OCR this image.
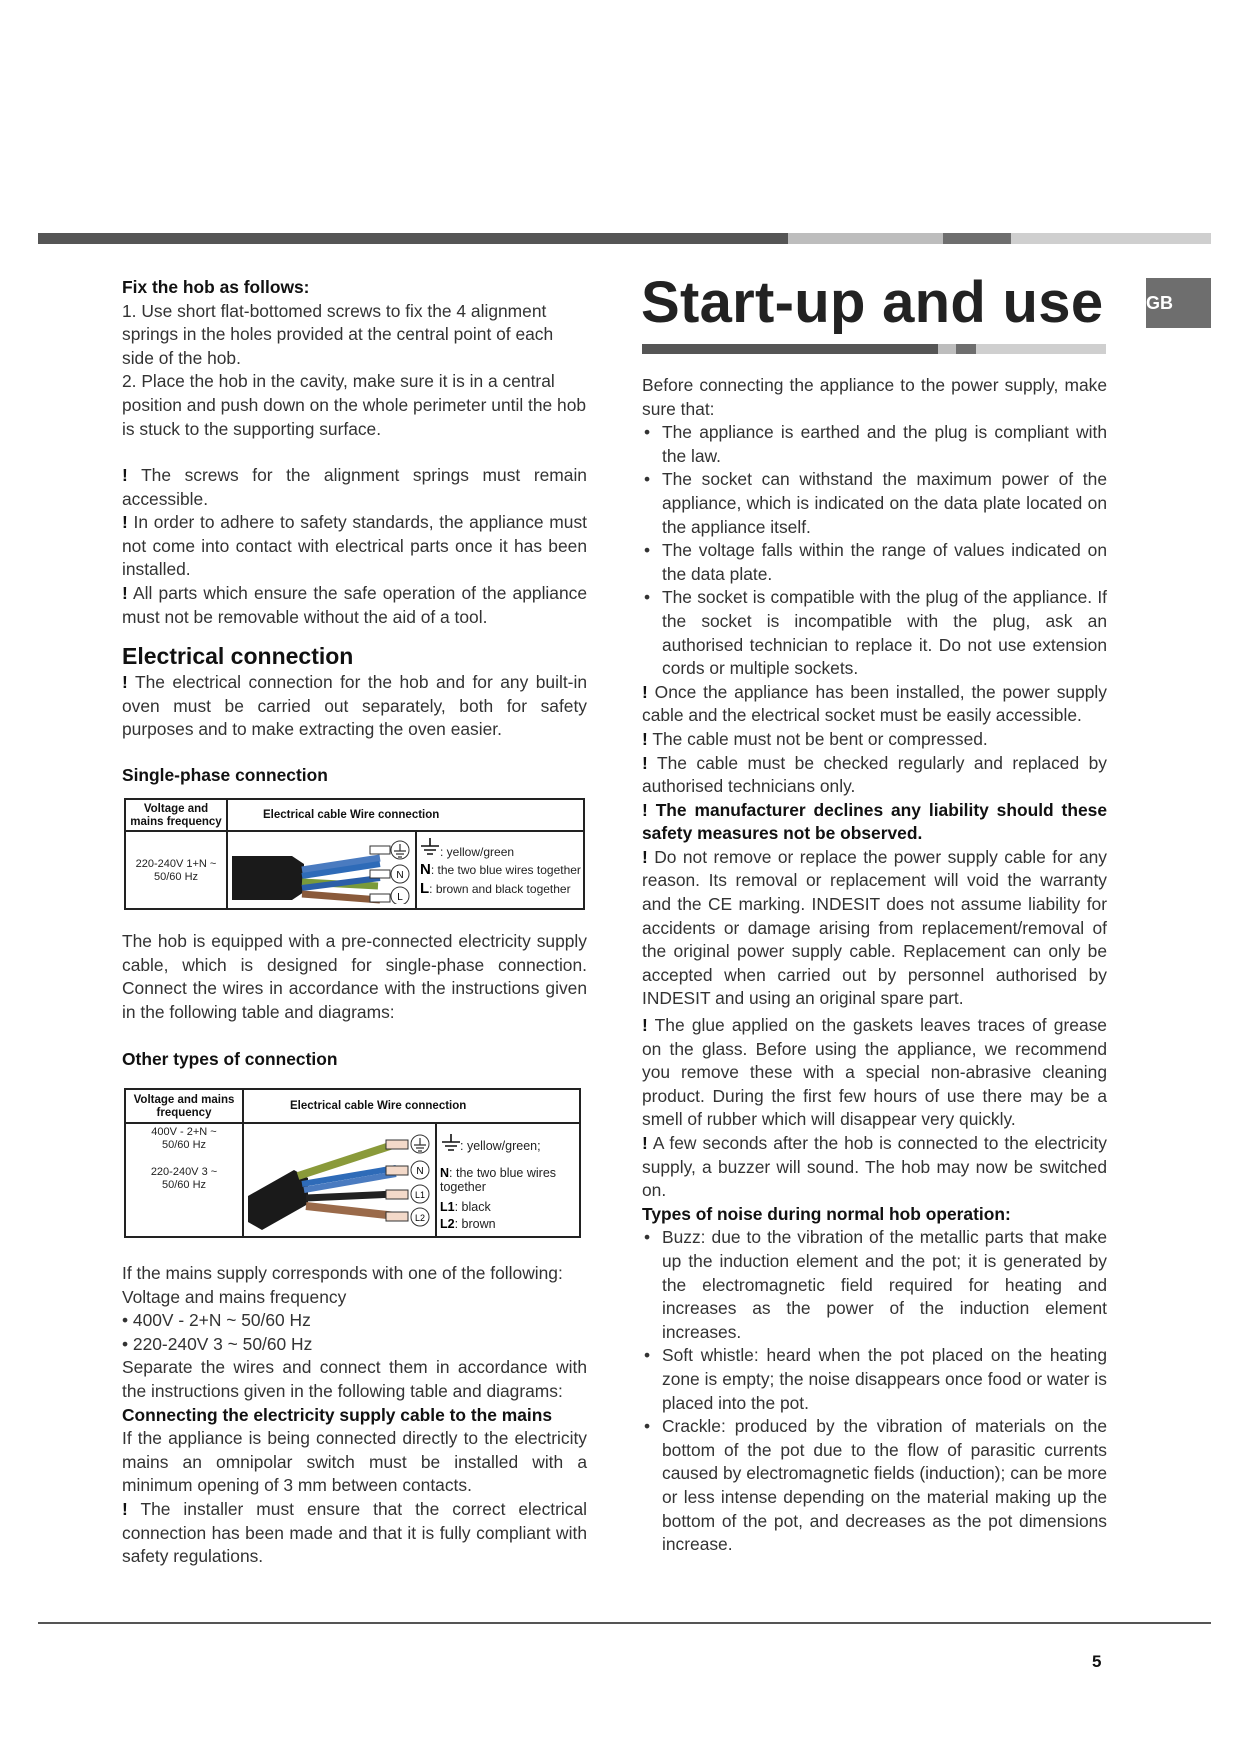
GB

Fix the hob as follows:

1. Use short flat-bottomed screws to fix the 4 alignment springs in the holes provided at the central point of each side of the hob.

2. Place the hob in the cavity, make sure it is in a central position and push down on the whole perimeter until the hob is stuck to the supporting surface.

! The screws for the alignment springs must remain accessible.

! In order to adhere to safety standards, the appliance must not come into contact with electrical parts once it has been installed.

! All parts which ensure the safe operation of the appliance must not be removable without the aid of a tool.

Electrical connection

! The electrical connection for the hob and for any built-in oven must be carried out separately, both for safety purposes and to make extracting the oven easier.

Single-phase connection

Voltage and mains frequency
Electrical cable Wire connection
220-240V 1+N ~
50/60 Hz	N
L
: yellow/green
N: the two blue wires together
L: brown and black together

The hob is equipped with a pre-connected electricity supply cable, which is designed for single-phase connection. Connect the wires in accordance with the instructions given in the following table and diagrams:

Other types of connection

Voltage and mains frequency
Electrical cable Wire connection
400V - 2+N ~
50/60 Hz
220-240V 3 ~
50/60 Hz
N
L1
L2
: yellow/green;
N: the two blue wires together
L1: black
L2: brown

If the mains supply corresponds with one of the following:

Voltage and mains frequency

• 400V - 2+N ~ 50/60 Hz

• 220-240V 3 ~ 50/60 Hz

Separate the wires and connect them in accordance with the instructions given in the following table and diagrams:

Connecting the electricity supply cable to the mains

If the appliance is being connected directly to the electricity mains an omnipolar switch must be installed with a minimum opening of 3 mm between contacts.

! The installer must ensure that the correct electrical connection has been made and that it is fully compliant with safety regulations.

Start-up and use

Before connecting the appliance to the power supply, make sure that:

• The appliance is earthed and the plug is compliant with the law.
• The socket can withstand the maximum power of the appliance, which is indicated on the data plate located on the appliance itself.
• The voltage falls within the range of values indicated on the data plate.
• The socket is compatible with the plug of the appliance. If the socket is incompatible with the plug, ask an authorised technician to replace it. Do not use extension cords or multiple sockets.

! Once the appliance has been installed, the power supply cable and the electrical socket must be easily accessible.

! The cable must not be bent or compressed.

! The cable must be checked regularly and replaced by authorised technicians only.

! The manufacturer declines any liability should these safety measures not be observed.

! Do not remove or replace the power supply cable for any reason. Its removal or replacement will void the warranty and the CE marking. INDESIT does not assume liability for accidents or damage arising from replacement/removal of the original power supply cable. Replacement can only be accepted when carried out by personnel authorised by INDESIT and using an original spare part.

! The glue applied on the gaskets leaves traces of grease on the glass. Before using the appliance, we recommend you remove these with a special non-abrasive cleaning product. During the first few hours of use there may be a smell of rubber which will disappear very quickly.

! A few seconds after the hob is connected to the electricity supply, a buzzer will sound. The hob may now be switched on.

Types of noise during normal hob operation:

• Buzz: due to the vibration of the metallic parts that make up the induction element and the pot; it is generated by the electromagnetic field required for heating and increases as the power of the induction element increases.
• Soft whistle: heard when the pot placed on the heating zone is empty; the noise disappears once food or water is placed into the pot.
• Crackle: produced by the vibration of materials on the bottom of the pot due to the flow of parasitic currents caused by electromagnetic fields (induction); can be more or less intense depending on the material making up the bottom of the pot, and decreases as the pot dimensions increase.
5
